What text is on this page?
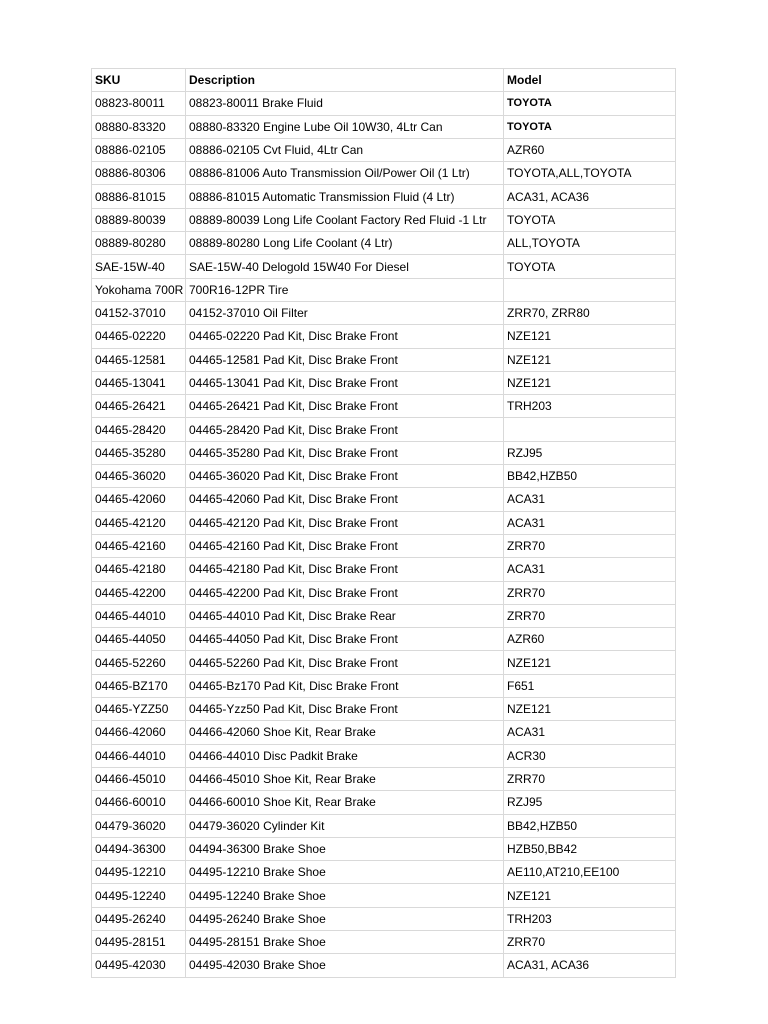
SKU	Description	Model
08823-80011	08823-80011 Brake Fluid	TOYOTA
08880-83320	08880-83320 Engine Lube Oil 10W30, 4Ltr Can	TOYOTA
08886-02105	08886-02105 Cvt Fluid, 4Ltr Can	AZR60
08886-80306	08886-81006 Auto Transmission Oil/Power Oil (1 Ltr)	TOYOTA,ALL,TOYOTA
08886-81015	08886-81015 Automatic Transmission Fluid (4 Ltr)	ACA31, ACA36
08889-80039	08889-80039 Long Life Coolant Factory Red Fluid -1 Ltr	TOYOTA
08889-80280	08889-80280 Long Life Coolant (4 Ltr)	ALL,TOYOTA
SAE-15W-40	SAE-15W-40 Delogold 15W40 For Diesel	TOYOTA
Yokohama 700R	700R16-12PR Tire	
04152-37010	04152-37010 Oil Filter	ZRR70, ZRR80
04465-02220	04465-02220 Pad Kit, Disc Brake Front	NZE121
04465-12581	04465-12581 Pad Kit, Disc Brake Front	NZE121
04465-13041	04465-13041 Pad Kit, Disc Brake Front	NZE121
04465-26421	04465-26421 Pad Kit, Disc Brake Front	TRH203
04465-28420	04465-28420 Pad Kit, Disc Brake Front	
04465-35280	04465-35280 Pad Kit, Disc Brake Front	RZJ95
04465-36020	04465-36020 Pad Kit, Disc Brake Front	BB42,HZB50
04465-42060	04465-42060 Pad Kit, Disc Brake Front	ACA31
04465-42120	04465-42120 Pad Kit, Disc Brake Front	ACA31
04465-42160	04465-42160 Pad Kit, Disc Brake Front	ZRR70
04465-42180	04465-42180 Pad Kit, Disc Brake Front	ACA31
04465-42200	04465-42200 Pad Kit, Disc Brake Front	ZRR70
04465-44010	04465-44010 Pad Kit, Disc Brake Rear	ZRR70
04465-44050	04465-44050 Pad Kit, Disc Brake Front	AZR60
04465-52260	04465-52260 Pad Kit, Disc Brake Front	NZE121
04465-BZ170	04465-Bz170 Pad Kit, Disc Brake Front	F651
04465-YZZ50	04465-Yzz50 Pad Kit, Disc Brake Front	NZE121
04466-42060	04466-42060 Shoe Kit, Rear Brake	ACA31
04466-44010	04466-44010 Disc Padkit Brake	ACR30
04466-45010	04466-45010 Shoe Kit, Rear Brake	ZRR70
04466-60010	04466-60010 Shoe Kit, Rear Brake	RZJ95
04479-36020	04479-36020 Cylinder Kit	BB42,HZB50
04494-36300	04494-36300 Brake Shoe	HZB50,BB42
04495-12210	04495-12210 Brake Shoe	AE110,AT210,EE100
04495-12240	04495-12240 Brake Shoe	NZE121
04495-26240	04495-26240 Brake Shoe	TRH203
04495-28151	04495-28151 Brake Shoe	ZRR70
04495-42030	04495-42030 Brake Shoe	ACA31, ACA36
